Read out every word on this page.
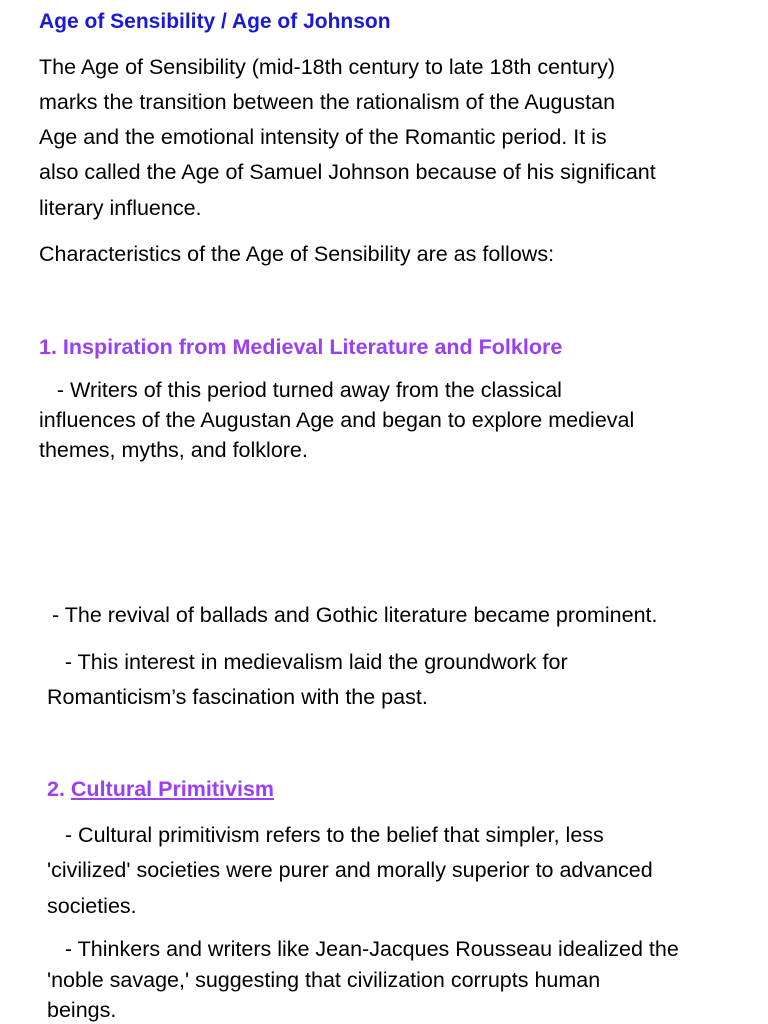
Age of Sensibility / Age of Johnson

The Age of Sensibility (mid-18th century to late 18th century)

marks the transition between the rationalism of the Augustan

Age and the emotional intensity of the Romantic period. It is

also called the Age of Samuel Johnson because of his significant

literary influence.

Characteristics of the Age of Sensibility are as follows:

1. Inspiration from Medieval Literature and Folklore

- Writers of this period turned away from the classical

influences of the Augustan Age and began to explore medieval

themes, myths, and folklore.

- The revival of ballads and Gothic literature became prominent.

- This interest in medievalism laid the groundwork for

Romanticism’s fascination with the past.

2. Cultural Primitivism

- Cultural primitivism refers to the belief that simpler, less

'civilized' societies were purer and morally superior to advanced

societies.

- Thinkers and writers like Jean-Jacques Rousseau idealized the

'noble savage,' suggesting that civilization corrupts human

beings.
